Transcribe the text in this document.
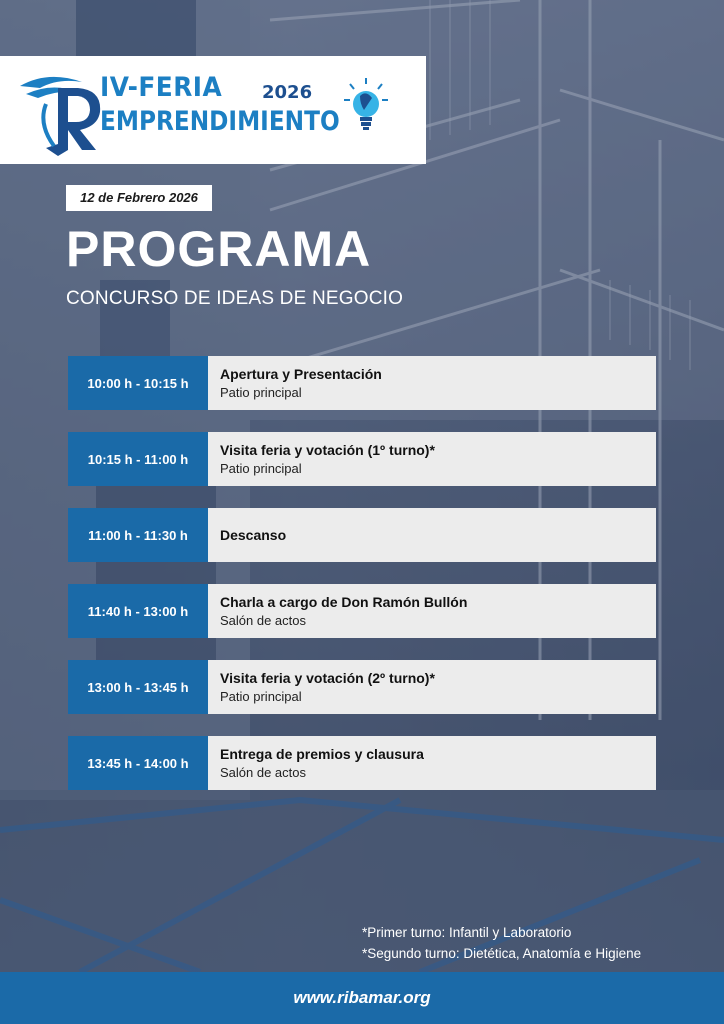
IV-FERIA 2026
EMPRENDIMIENTO
12 de Febrero 2026
PROGRAMA
CONCURSO DE IDEAS DE NEGOCIO
10:00 h - 10:15 h
Apertura y Presentación
Patio principal
10:15 h - 11:00 h
Visita feria y votación (1º turno)*
Patio principal
11:00 h - 11:30 h	Descanso
11:40 h - 13:00 h
Charla a cargo de Don Ramón Bullón
Salón de actos
13:00 h - 13:45 h
Visita feria y votación (2º turno)*
Patio principal
13:45 h - 14:00 h
Entrega de premios y clausura
Salón de actos
*Primer turno: Infantil y Laboratorio
*Segundo turno: Dietética, Anatomía e Higiene
www.ribamar.org
